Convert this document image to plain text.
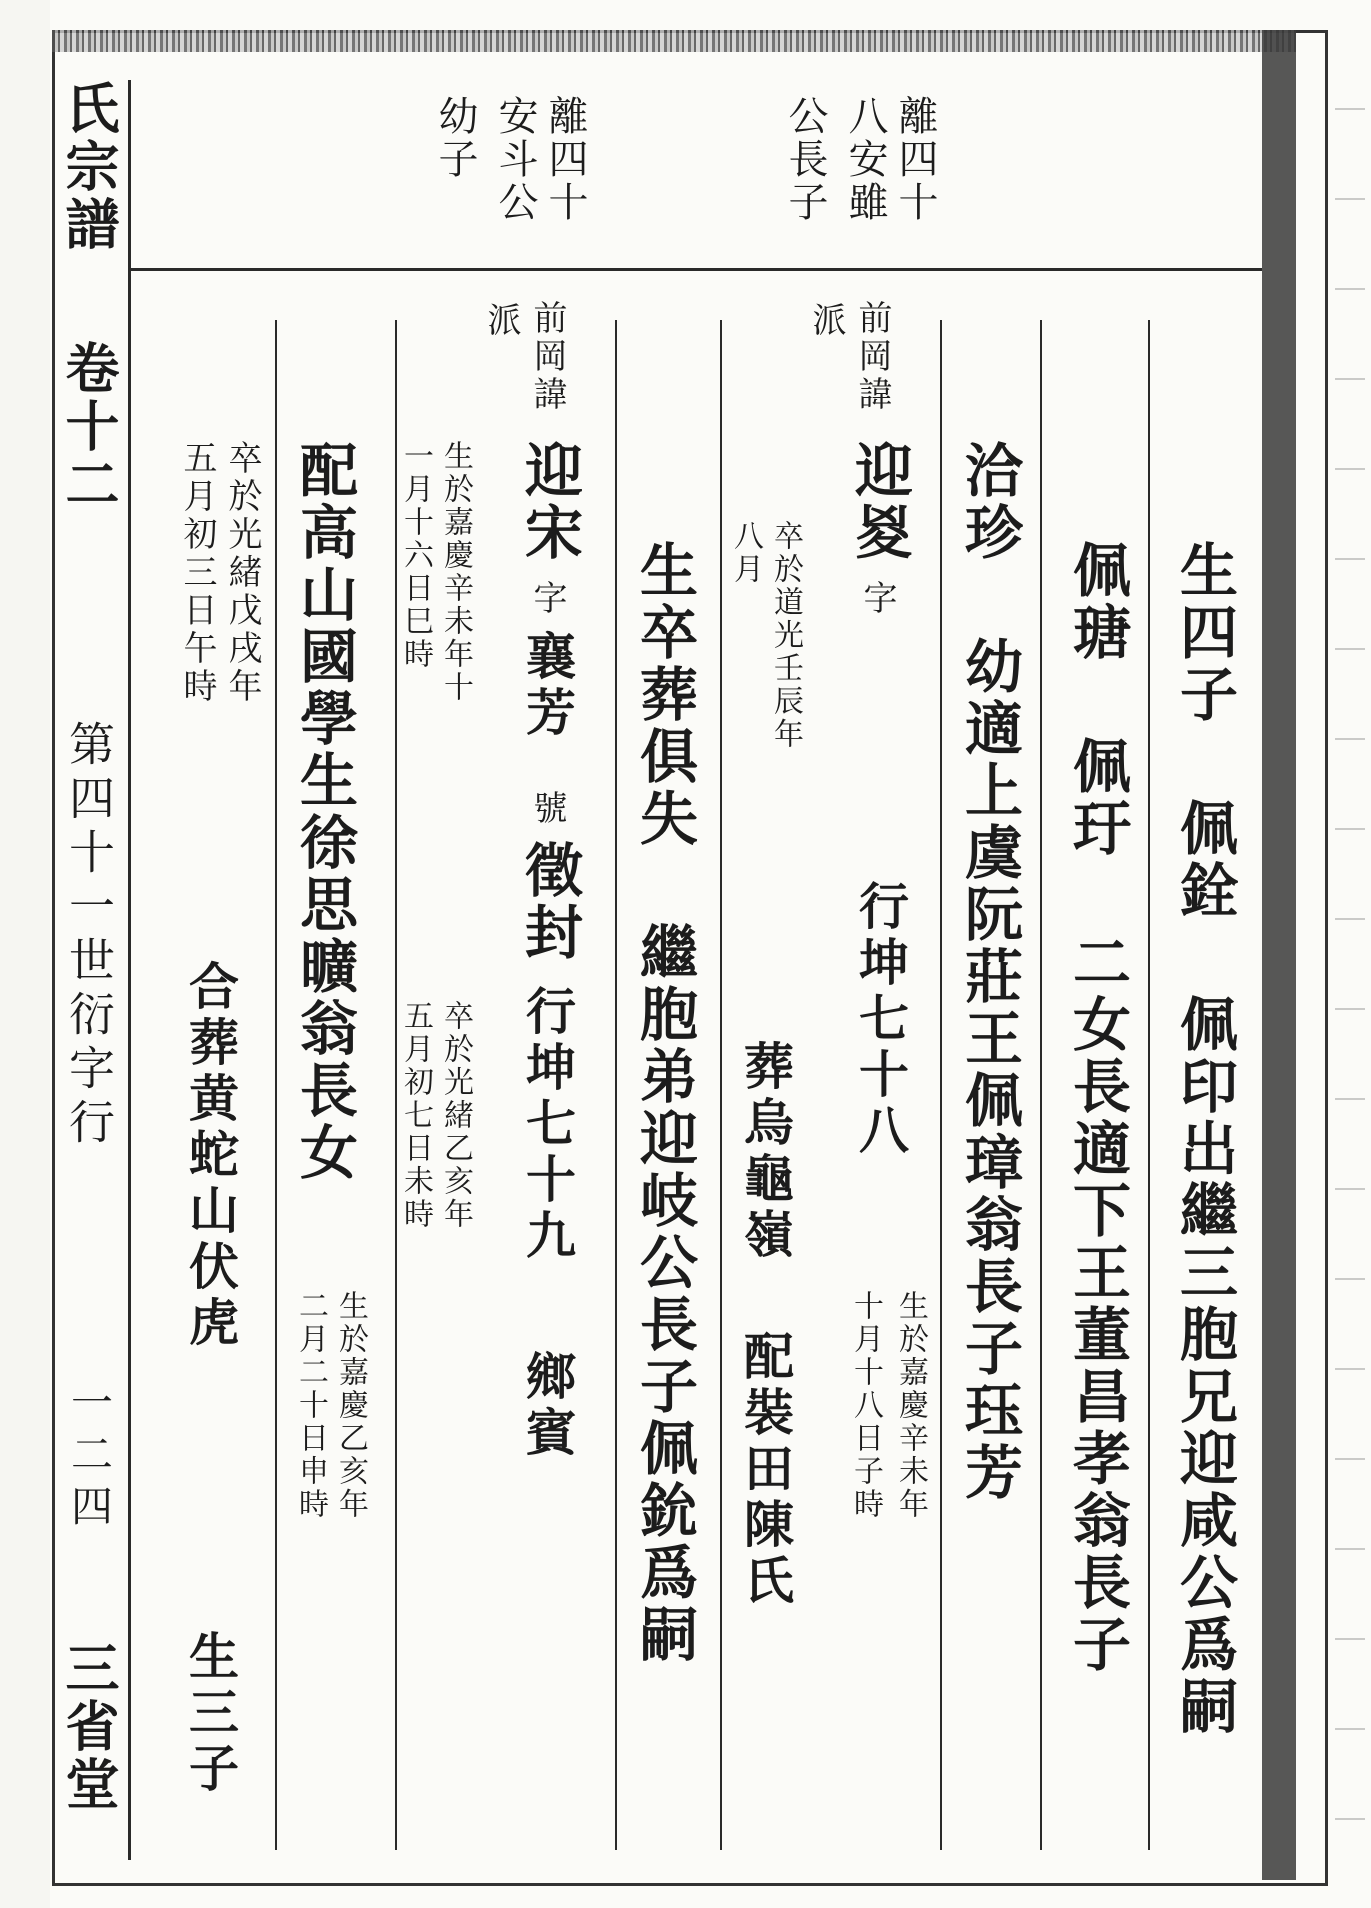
氏宗譜
卷十二
第四十一世衍字行
一二四
三省堂
離四十
八安雖
公長子
離四十
安斗公
幼子
生四子 佩銓 佩印出繼三胞兄迎咸公爲嗣
佩瑭 佩玗 二女長適下王董昌孝翁長子
洽珍 幼適上虞阮莊王佩璋翁長子珏芳
前岡諱
派
迎㚇
字
行坤七十八
生於嘉慶辛未年
十月十八日子時
卒於道光壬辰年
八月
葬烏龜嶺
配裝田陳氏
生卒葬俱失 繼胞弟迎岐公長子佩鈗爲嗣
前岡諱
派
迎宋
字
襄芳
號
徵封
行坤七十九
鄉賓
生於嘉慶辛未年十
一月十六日巳時
卒於光緒乙亥年
五月初七日未時
配高山國學生徐思曠翁長女
生於嘉慶乙亥年
二月二十日申時
卒於光緒戊戌年
五月初三日午時
合葬黄蛇山伏虎
生三子
